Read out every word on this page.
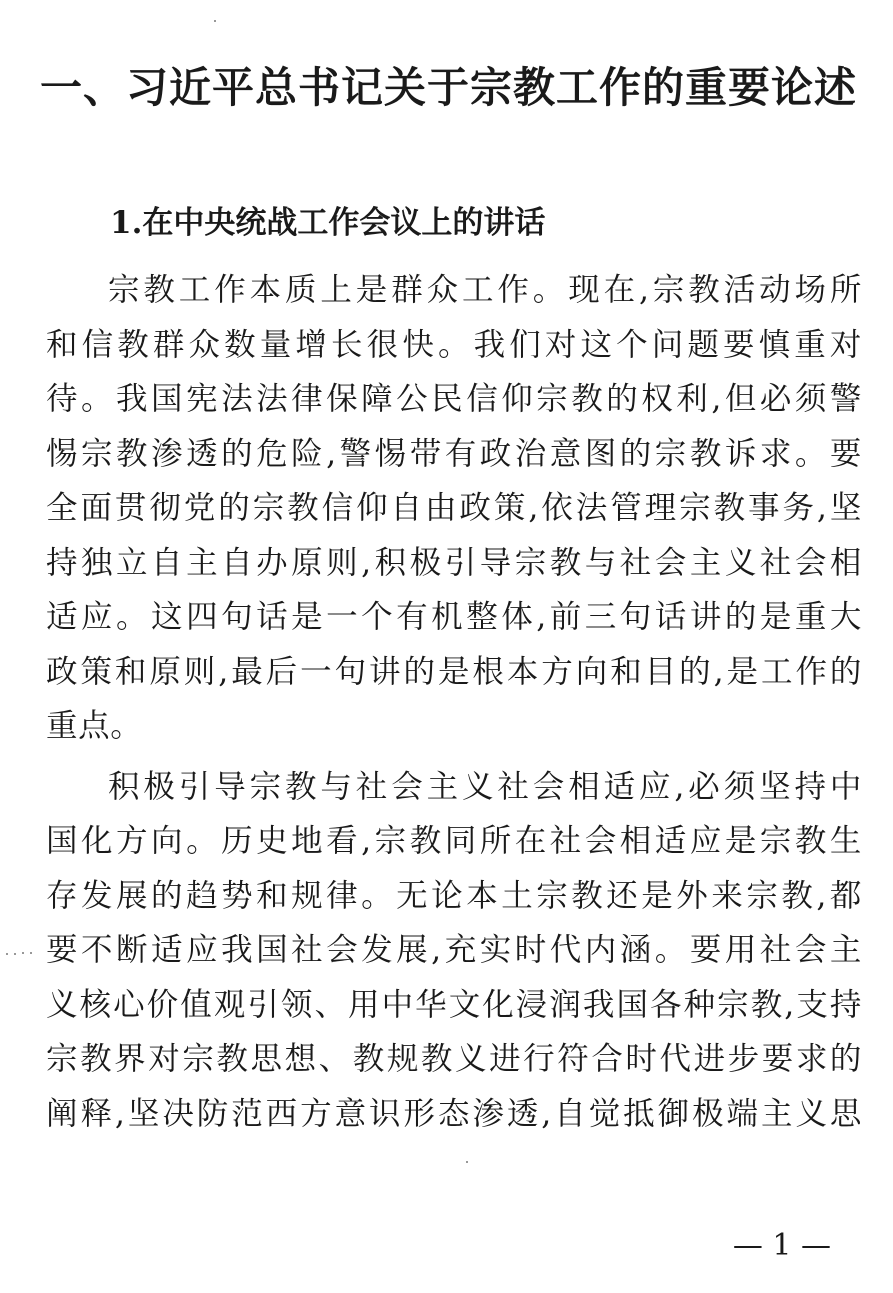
一、习近平总书记关于宗教工作的重要论述
1.在中央统战工作会议上的讲话

宗教工作本质上是群众工作。现在,宗教活动场所
和信教群众数量增长很快。我们对这个问题要慎重对
待。我国宪法法律保障公民信仰宗教的权利,但必须警
惕宗教渗透的危险,警惕带有政治意图的宗教诉求。要
全面贯彻党的宗教信仰自由政策,依法管理宗教事务,坚
持独立自主自办原则,积极引导宗教与社会主义社会相
适应。这四句话是一个有机整体,前三句话讲的是重大
政策和原则,最后一句讲的是根本方向和目的,是工作的
重点。

积极引导宗教与社会主义社会相适应,必须坚持中
国化方向。历史地看,宗教同所在社会相适应是宗教生
存发展的趋势和规律。无论本土宗教还是外来宗教,都
要不断适应我国社会发展,充实时代内涵。要用社会主
义核心价值观引领、用中华文化浸润我国各种宗教,支持
宗教界对宗教思想、教规教义进行符合时代进步要求的
阐释,坚决防范西方意识形态渗透,自觉抵御极端主义思

— 1 —
